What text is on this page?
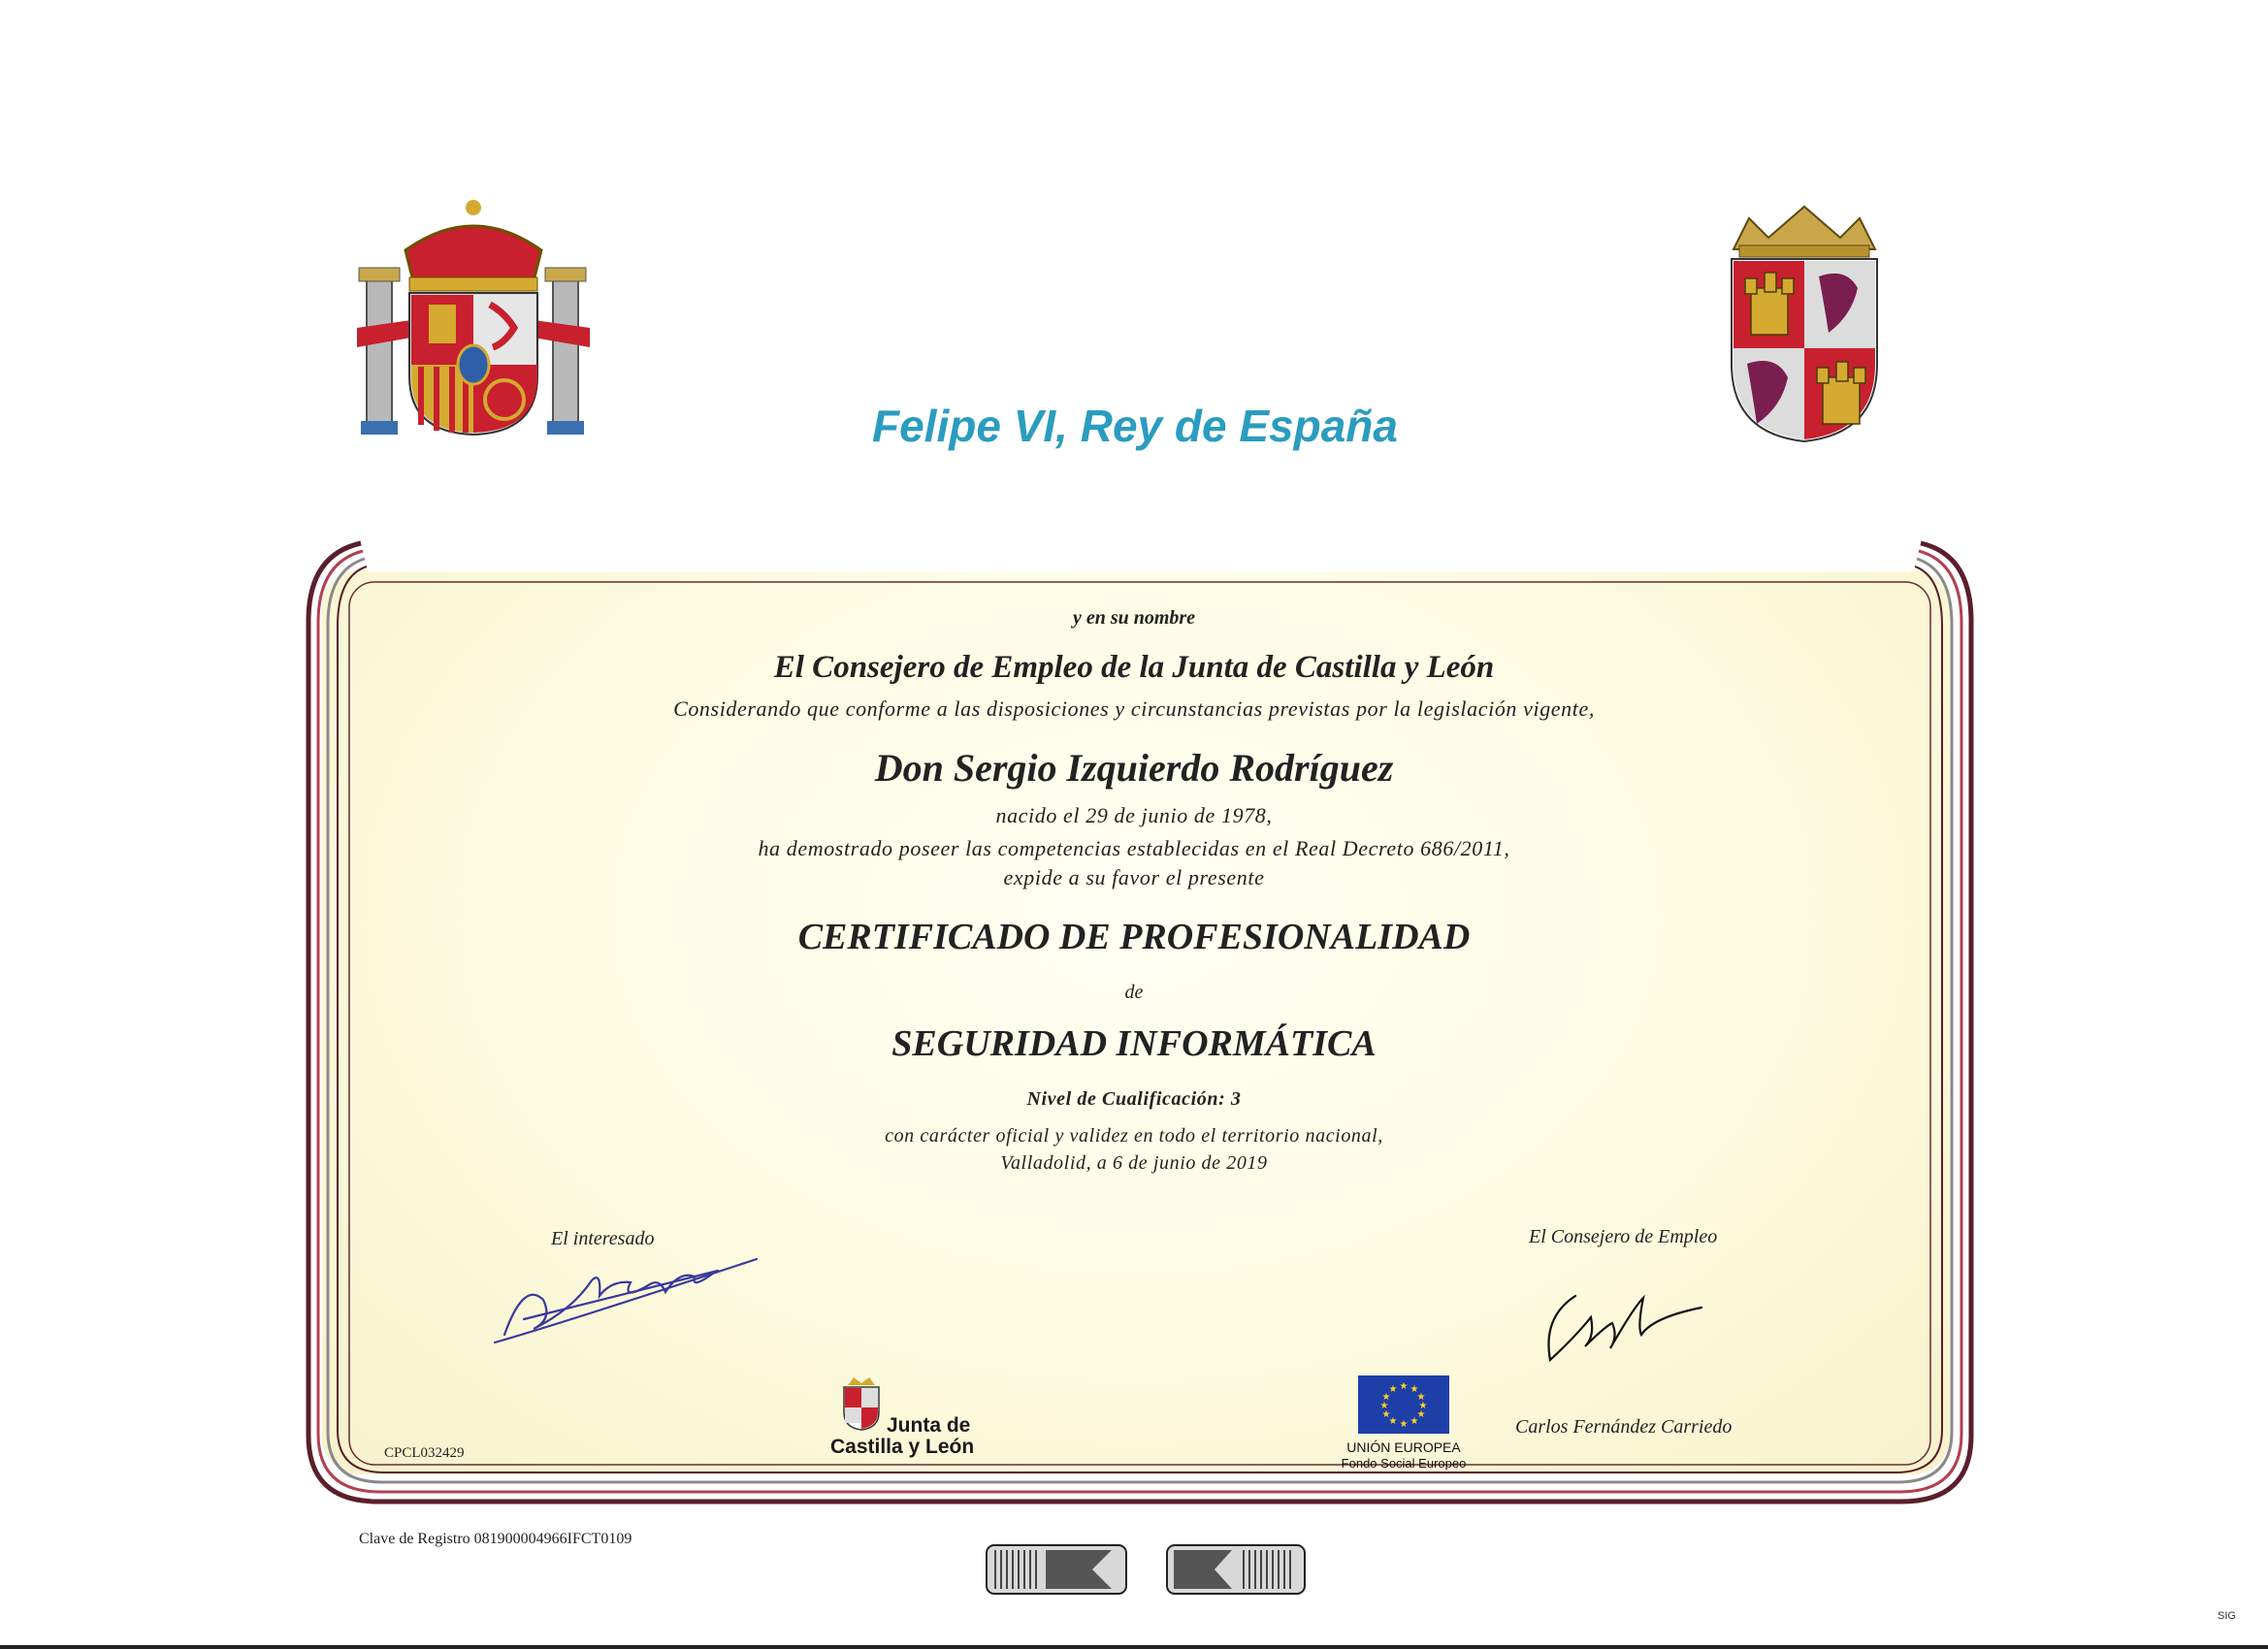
Felipe VI, Rey de España
y en su nombre
El Consejero de Empleo de la Junta de Castilla y León
Considerando que conforme a las disposiciones y circunstancias previstas por la legislación vigente,
Don Sergio Izquierdo Rodríguez
nacido el 29 de junio de 1978,
ha demostrado poseer las competencias establecidas en el Real Decreto 686/2011,
expide a su favor el presente
CERTIFICADO DE PROFESIONALIDAD
de
SEGURIDAD INFORMÁTICA
Nivel de Cualificación: 3
con carácter oficial y validez en todo el territorio nacional,
Valladolid, a 6 de junio de 2019
El interesado	El Consejero de Empleo
Carlos Fernández Carriedo
Junta de
Castilla y León
★ ★
★
★
★
★
★
★
★
★
★
★
UNIÓN EUROPEA
Fondo Social Europeo
CPCL032429
Clave de Registro 081900004966IFCT0109
SIG
